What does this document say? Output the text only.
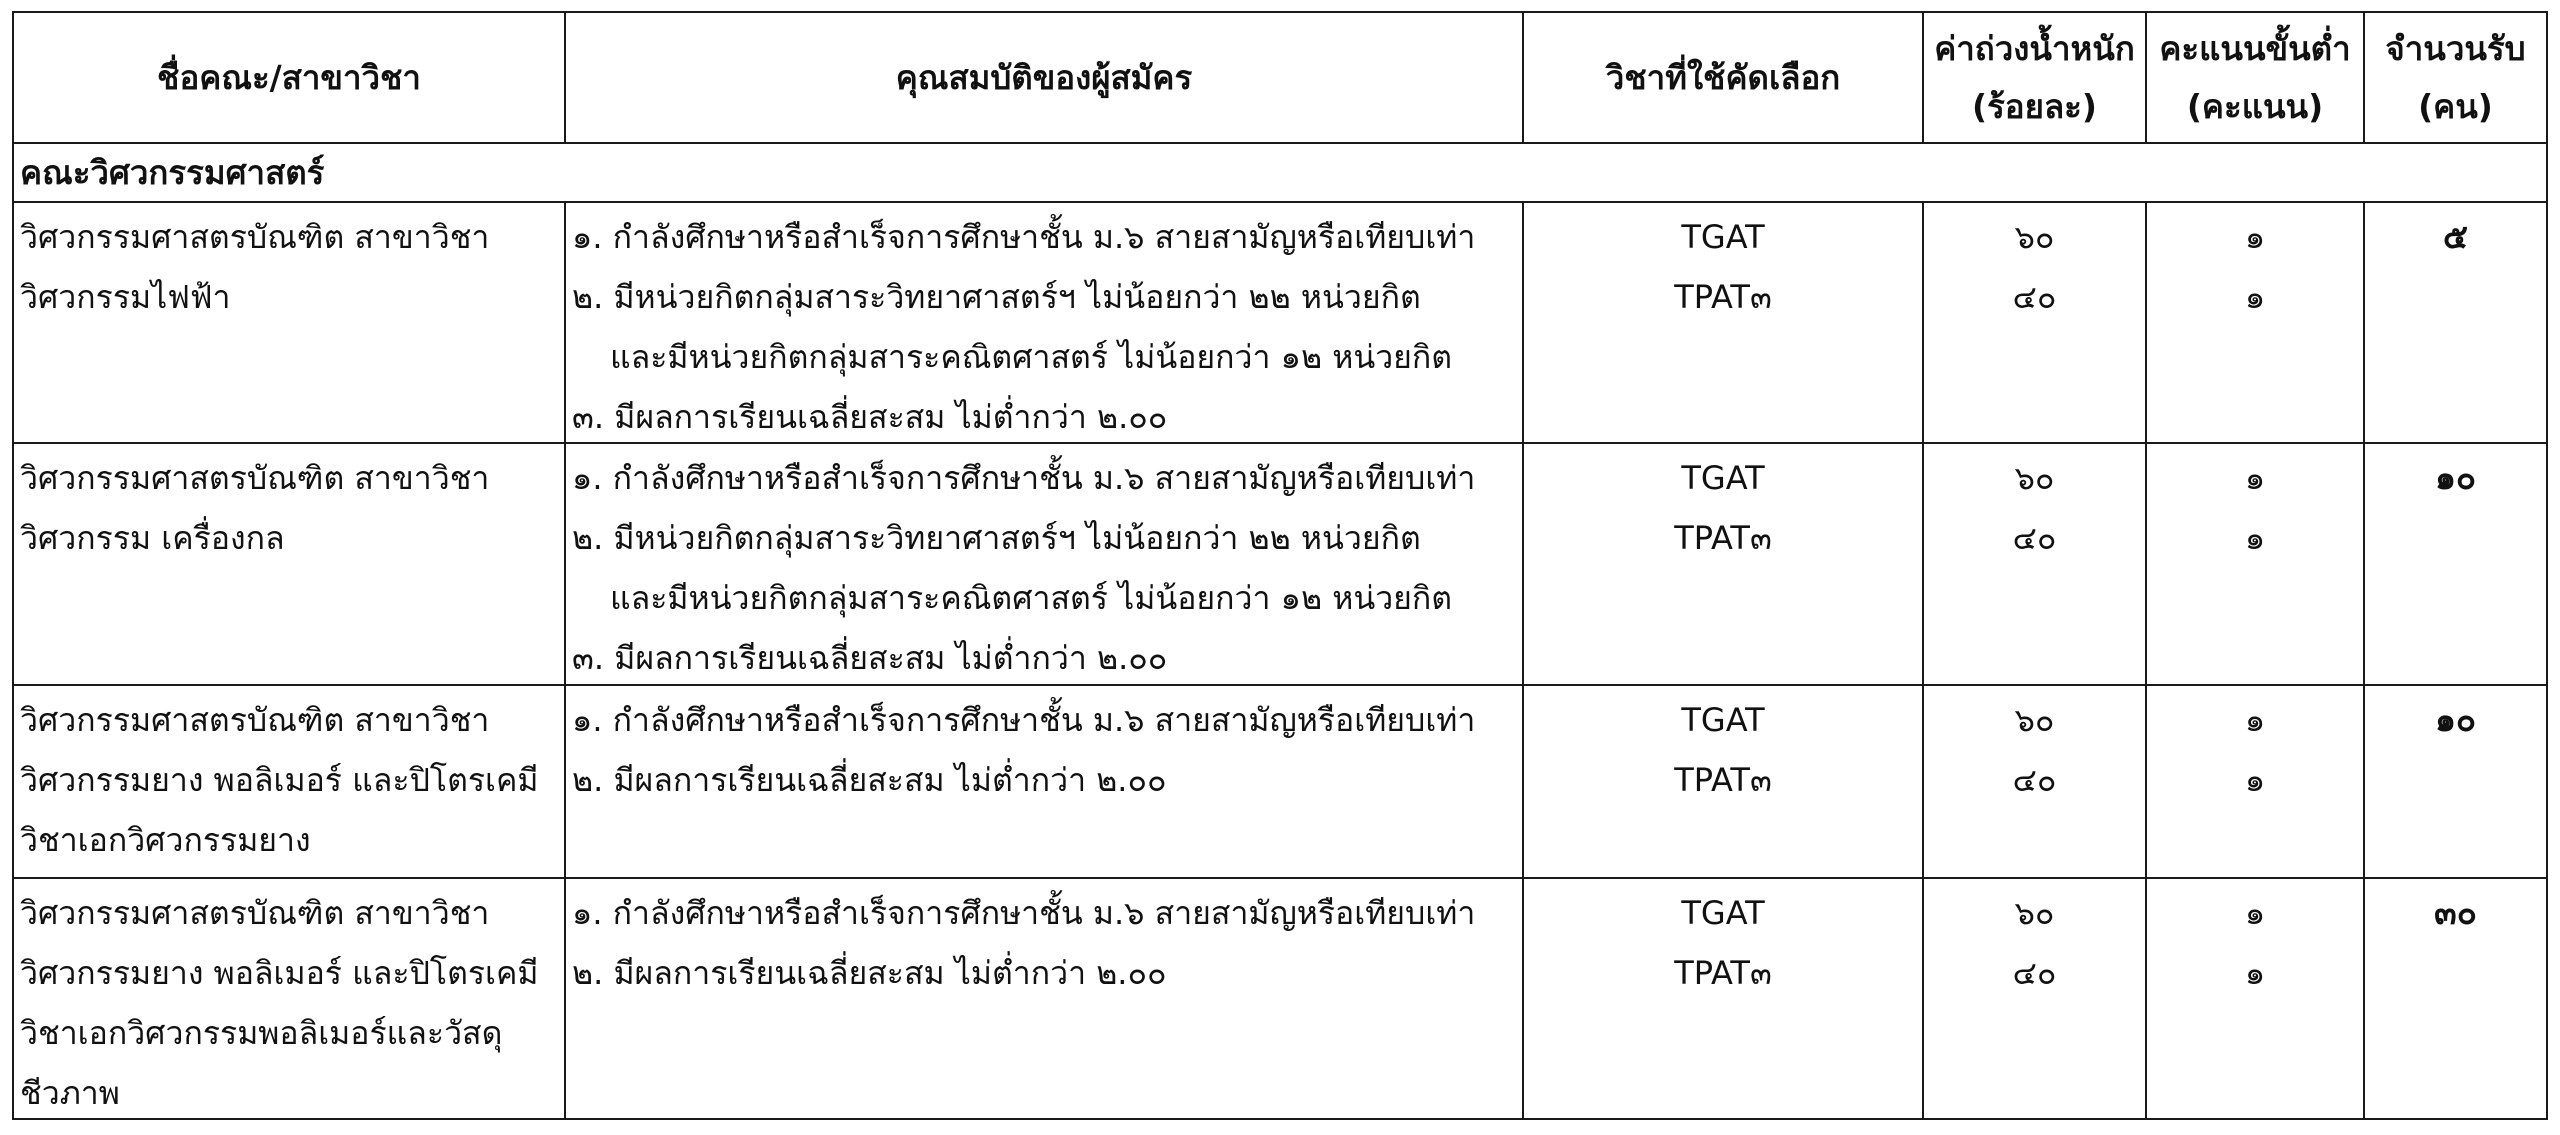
ชื่อคณะ/สาขาวิชา	คุณสมบัติของผู้สมัคร	วิชาที่ใช้คัดเลือก
ค่าถ่วงน้ำหนัก
(ร้อยละ)
คะแนนขั้นต่ำ
(คะแนน)
จำนวนรับ
(คน)
คณะวิศวกรรมศาสตร์
วิศวกรรมศาสตรบัณฑิต สาขาวิชา
วิศวกรรมไฟฟ้า
๑. กำลังศึกษาหรือสำเร็จการศึกษาชั้น ม.๖ สายสามัญหรือเทียบเท่า
๒. มีหน่วยกิตกลุ่มสาระวิทยาศาสตร์ฯ ไม่น้อยกว่า ๒๒ หน่วยกิต
และมีหน่วยกิตกลุ่มสาระคณิตศาสตร์ ไม่น้อยกว่า ๑๒ หน่วยกิต
๓. มีผลการเรียนเฉลี่ยสะสม ไม่ต่ำกว่า ๒.๐๐
TGAT
TPAT๓
๖๐
๔๐
๑
๑
๕
วิศวกรรมศาสตรบัณฑิต สาขาวิชา
วิศวกรรม เครื่องกล
๑. กำลังศึกษาหรือสำเร็จการศึกษาชั้น ม.๖ สายสามัญหรือเทียบเท่า
๒. มีหน่วยกิตกลุ่มสาระวิทยาศาสตร์ฯ ไม่น้อยกว่า ๒๒ หน่วยกิต
และมีหน่วยกิตกลุ่มสาระคณิตศาสตร์ ไม่น้อยกว่า ๑๒ หน่วยกิต
๓. มีผลการเรียนเฉลี่ยสะสม ไม่ต่ำกว่า ๒.๐๐
TGAT
TPAT๓
๖๐
๔๐
๑
๑
๑๐
วิศวกรรมศาสตรบัณฑิต สาขาวิชา
วิศวกรรมยาง พอลิเมอร์ และปิโตรเคมี
วิชาเอกวิศวกรรมยาง
๑. กำลังศึกษาหรือสำเร็จการศึกษาชั้น ม.๖ สายสามัญหรือเทียบเท่า
๒. มีผลการเรียนเฉลี่ยสะสม ไม่ต่ำกว่า ๒.๐๐
TGAT
TPAT๓
๖๐
๔๐
๑
๑
๑๐
วิศวกรรมศาสตรบัณฑิต สาขาวิชา
วิศวกรรมยาง พอลิเมอร์ และปิโตรเคมี
วิชาเอกวิศวกรรมพอลิเมอร์และวัสดุ
ชีวภาพ
๑. กำลังศึกษาหรือสำเร็จการศึกษาชั้น ม.๖ สายสามัญหรือเทียบเท่า
๒. มีผลการเรียนเฉลี่ยสะสม ไม่ต่ำกว่า ๒.๐๐
TGAT
TPAT๓
๖๐
๔๐
๑
๑
๓๐
